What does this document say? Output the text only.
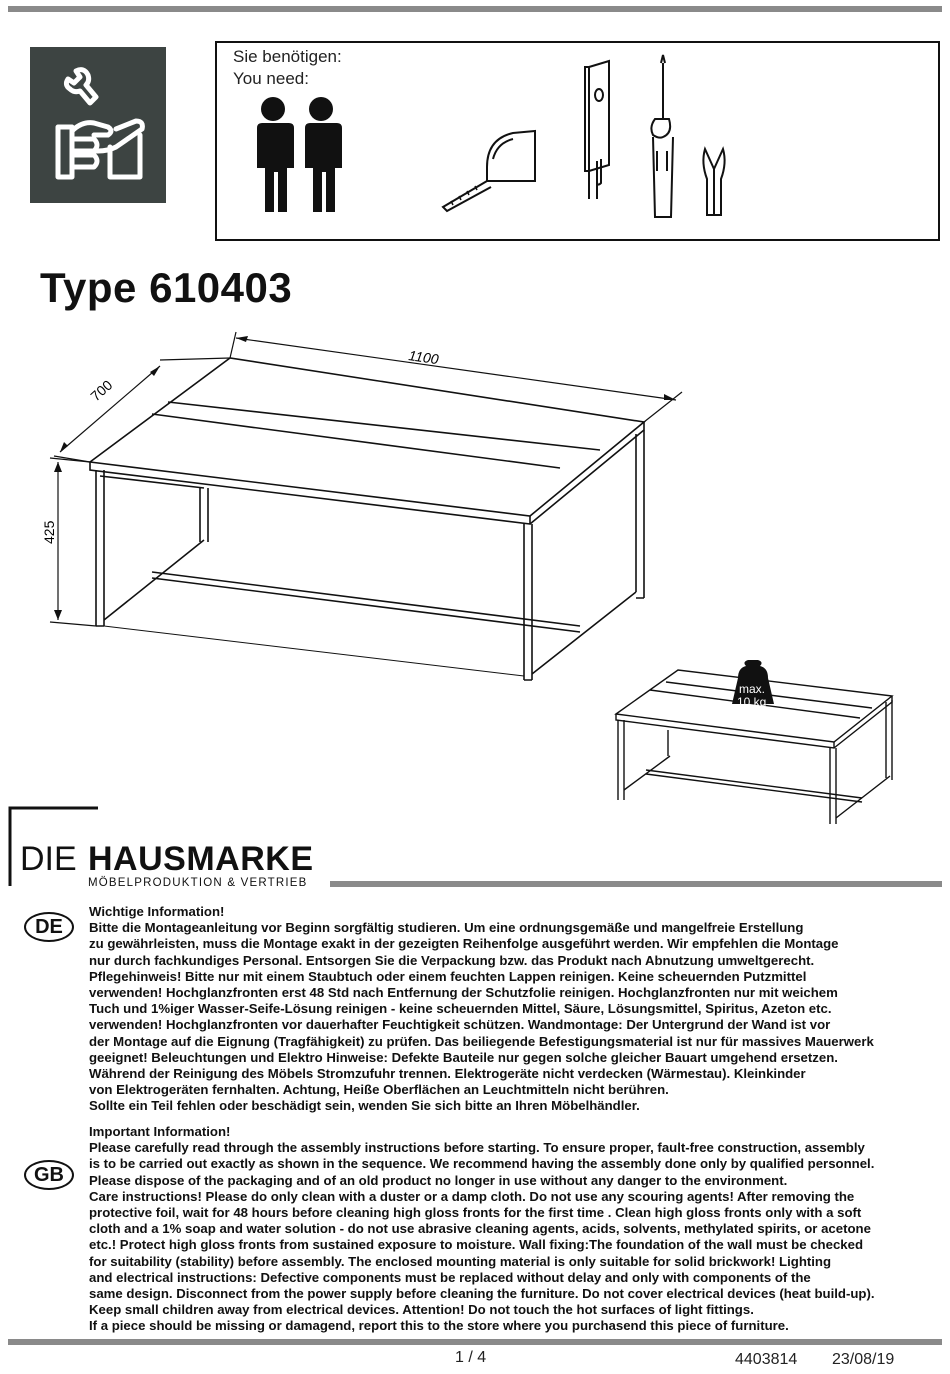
Sie benötigen:
You need:
Type 610403
1100
700
425
max.
10 kg
DIE HAUSMARKE
MÖBELPRODUKTION & VERTRIEB
DE

Wichtige Information!

Bitte die Montageanleitung vor Beginn sorgfältig studieren. Um eine ordnungsgemäße und mangelfreie Erstellung

zu gewährleisten, muss die Montage exakt in der gezeigten Reihenfolge ausgeführt werden. Wir empfehlen die Montage

nur durch fachkundiges Personal. Entsorgen Sie die Verpackung bzw. das Produkt nach Abnutzung umweltgerecht.

Pflegehinweis! Bitte nur mit einem Staubtuch oder einem feuchten Lappen reinigen. Keine scheuernden Putzmittel

verwenden! Hochglanzfronten erst 48 Std nach Entfernung der Schutzfolie reinigen. Hochglanzfronten nur mit weichem

Tuch und 1%iger Wasser-Seife-Lösung reinigen - keine scheuernden Mittel, Säure, Lösungsmittel, Spiritus, Azeton etc.

verwenden! Hochglanzfronten vor dauerhafter Feuchtigkeit schützen. Wandmontage: Der Untergrund der Wand ist vor

der Montage auf die Eignung (Tragfähigkeit) zu prüfen. Das beiliegende Befestigungsmaterial ist nur für massives Mauerwerk

geeignet! Beleuchtungen und Elektro Hinweise: Defekte Bauteile nur gegen solche gleicher Bauart umgehend ersetzen.

Während der Reinigung des Möbels Stromzufuhr trennen. Elektrogeräte nicht verdecken (Wärmestau). Kleinkinder

von Elektrogeräten fernhalten. Achtung, Heiße Oberflächen an Leuchtmitteln nicht berühren.

Sollte ein Teil fehlen oder beschädigt sein, wenden Sie sich bitte an Ihren Möbelhändler.

GB

Important Information!

Please carefully read through the assembly instructions before starting. To ensure proper, fault-free construction, assembly

is to be carried out exactly as shown in the sequence. We recommend having the assembly done only by qualified personnel.

Please dispose of the packaging and of an old product no longer in use without any danger to the environment.

Care instructions! Please do only clean with a duster or a damp cloth. Do not use any scouring agents! After removing the

protective foil, wait for 48 hours before cleaning high gloss fronts for the first time . Clean high gloss fronts only with a soft

cloth and a 1% soap and water solution - do not use abrasive cleaning agents, acids, solvents, methylated spirits, or acetone

etc.! Protect high gloss fronts from sustained exposure to moisture. Wall fixing:The foundation of the wall must be checked

for suitability (stability) before assembly. The enclosed mounting material is only suitable for solid brickwork! Lighting

and electrical instructions: Defective components must be replaced without delay and only with components of the

same design. Disconnect from the power supply before cleaning the furniture. Do not cover electrical devices (heat build-up).

Keep small children away from electrical devices. Attention! Do not touch the hot surfaces of light fittings.

If a piece should be missing or damagend, report this to the store where you purchasend this piece of furniture.

1 / 4	4403814 23/08/19
